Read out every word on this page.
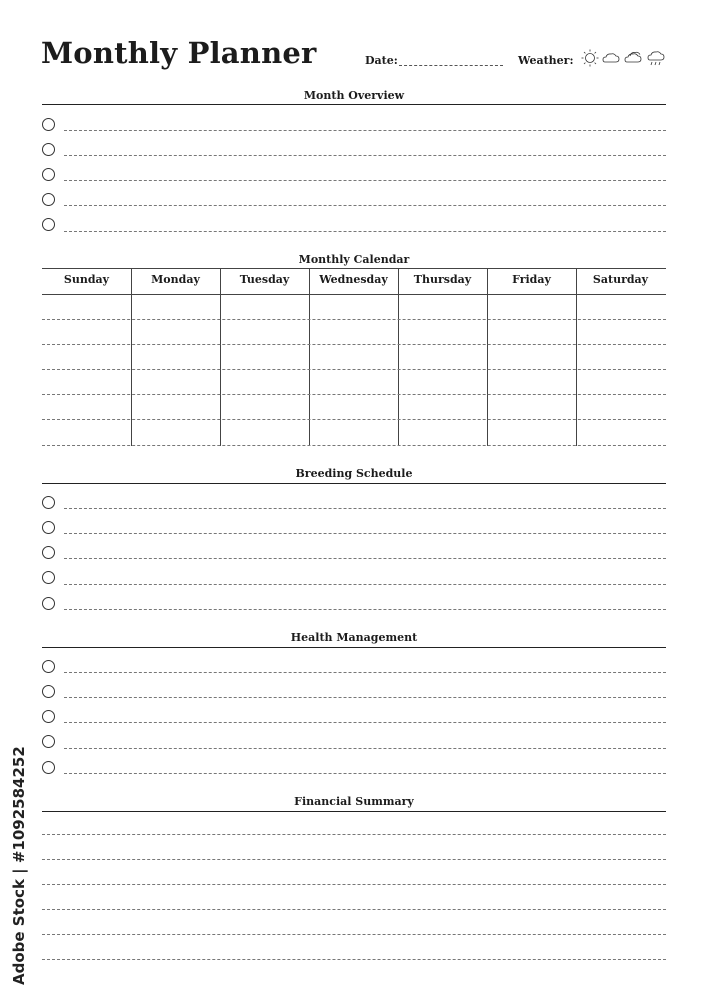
Monthly Planner	Date:	Weather:
Month Overview
Monthly Calendar
Sunday	Monday	Tuesday	Wednesday	Thursday	Friday	Saturday
Breeding Schedule
Health Management
Financial Summary
Adobe Stock | #1092584252
